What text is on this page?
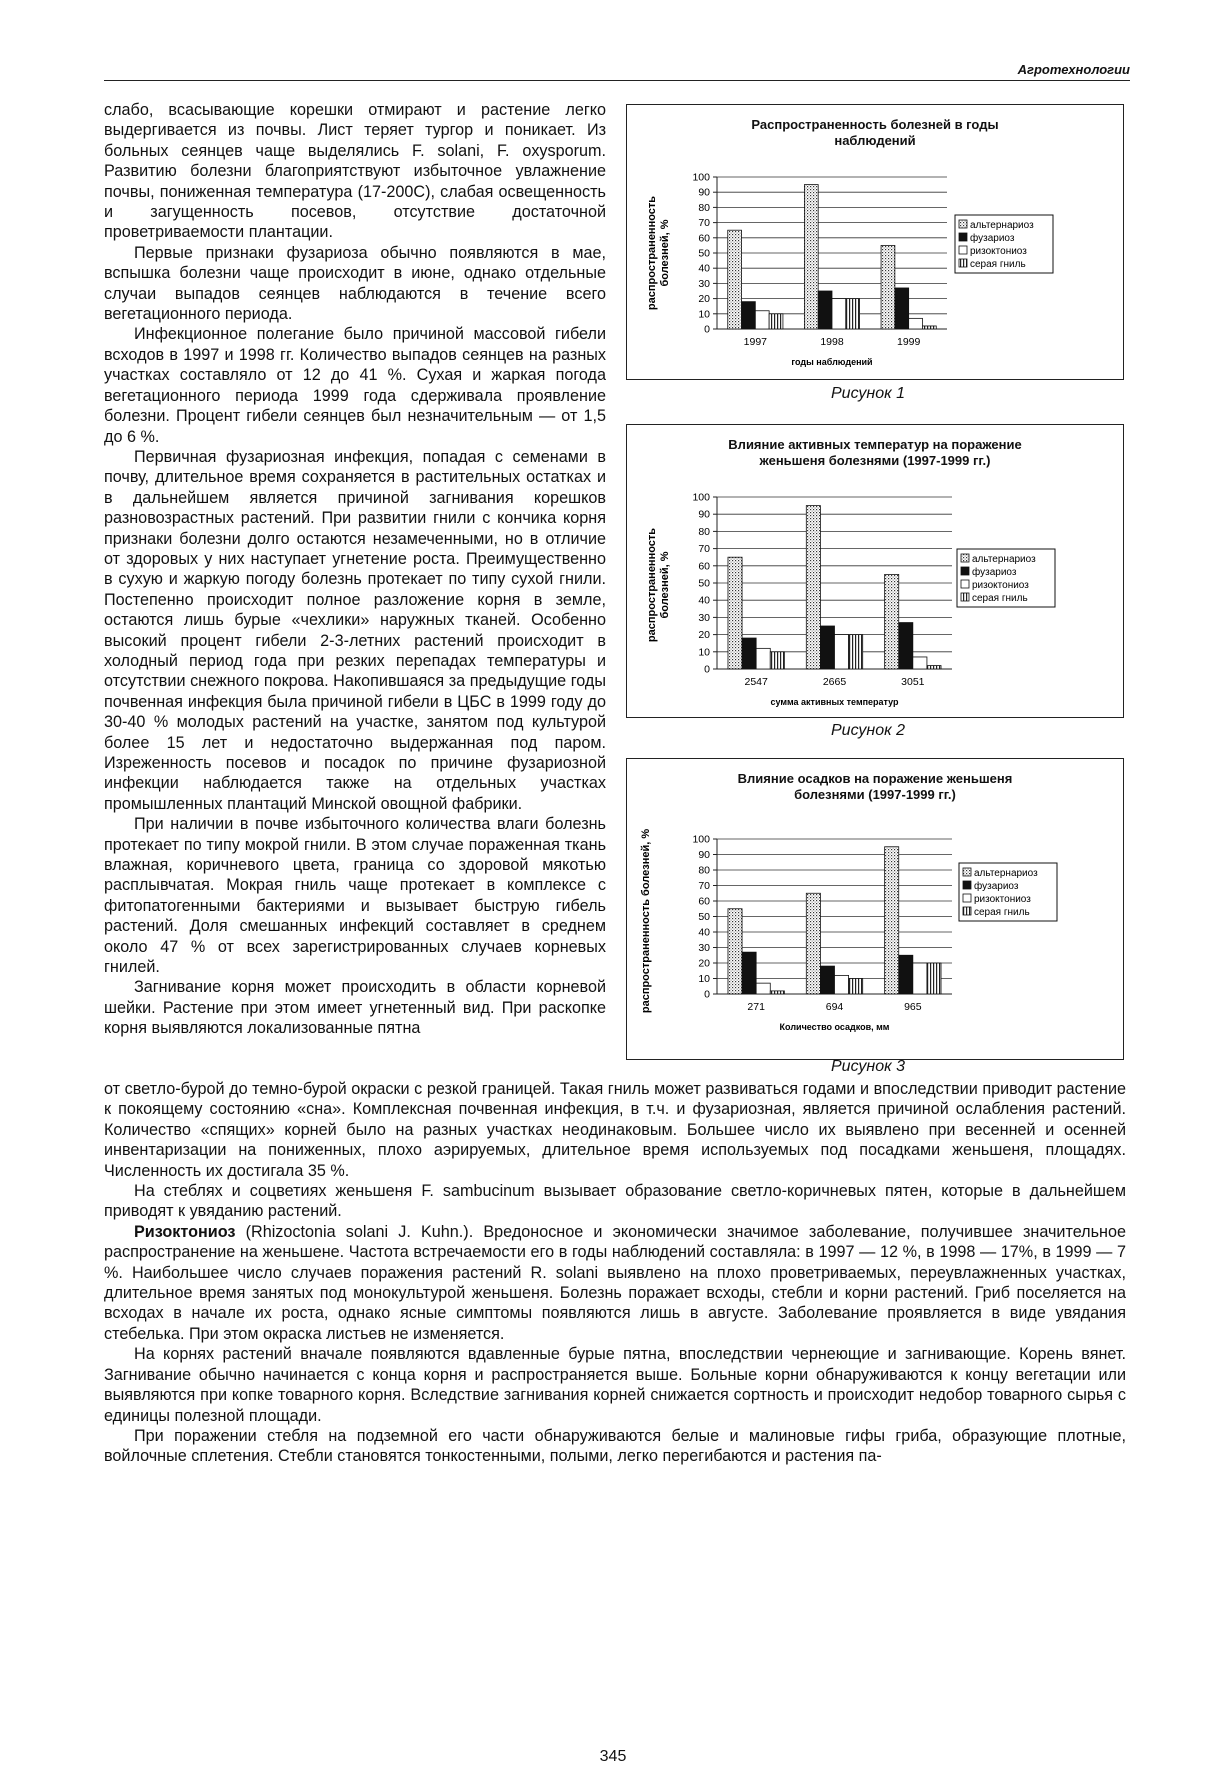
Агротехнологии

слабо, всасывающие корешки отмирают и растение легко выдергивается из почвы. Лист теряет тургор и поникает. Из больных сеянцев чаще выделялись F. solani, F. oxysporum. Развитию болезни благоприятствуют избыточное увлажнение почвы, пониженная температура (17-200С), слабая освещенность и загущенность посевов, отсутствие достаточной проветриваемости плантации.

Первые признаки фузариоза обычно появляются в мае, вспышка болезни чаще происходит в июне, однако отдельные случаи выпадов сеянцев наблюдаются в течение всего вегетационного периода.

Инфекционное полегание было причиной массовой гибели всходов в 1997 и 1998 гг. Количество выпадов сеянцев на разных участках составляло от 12 до 41 %. Сухая и жаркая погода вегетационного периода 1999 года сдерживала проявление болезни. Процент гибели сеянцев был незначительным — от 1,5 до 6 %.

Первичная фузариозная инфекция, попадая с семенами в почву, длительное время сохраняется в растительных остатках и в дальнейшем является причиной загнивания корешков разновозрастных растений. При развитии гнили с кончика корня признаки болезни долго остаются незамеченными, но в отличие от здоровых у них наступает угнетение роста. Преимущественно в сухую и жаркую погоду болезнь протекает по типу сухой гнили. Постепенно происходит полное разложение корня в земле, остаются лишь бурые «чехлики» наружных тканей. Особенно высокий процент гибели 2-3-летних растений происходит в холодный период года при резких перепадах температуры и отсутствии снежного покрова. Накопившаяся за предыдущие годы почвенная инфекция была причиной гибели в ЦБС в 1999 году до 30-40 % молодых растений на участке, занятом под культурой более 15 лет и недостаточно выдержанная под паром. Изреженность посевов и посадок по причине фузариозной инфекции наблюдается также на отдельных участках промышленных плантаций Минской овощной фабрики.

При наличии в почве избыточного количества влаги болезнь протекает по типу мокрой гнили. В этом случае пораженная ткань влажная, коричневого цвета, граница со здоровой мякотью расплывчатая. Мокрая гниль чаще протекает в комплексе с фитопатогенными бактериями и вызывает быструю гибель растений. Доля смешанных инфекций составляет в среднем около 47 % от всех зарегистрированных случаев корневых гнилей.

Загнивание корня может происходить в области корневой шейки. Растение при этом имеет угнетенный вид. При раскопке корня выявляются локализованные пятна

Распространенность болезней в годы
наблюдений
0
10
20
30
40
50
60
70
80
90
100
1997	1998	1999
годы наблюдений
распространенностьболезней, %	альтернариоз
фузариоз
ризоктониоз
серая гниль
Рисунок 1
Влияние активных температур на поражение
женьшеня болезнями (1997-1999 гг.)
0
10
20
30
40
50
60
70
80
90
100
2547	2665	3051
сумма активных температур
распространенностьболезней, %	альтернариоз
фузариоз
ризоктониоз
серая гниль
Рисунок 2
Влияние осадков на поражение женьшеня
болезнями (1997-1999 гг.)
0
10
20
30
40
50
60
70
80
90
100
271	694	965
Количество осадков, мм
распространенность болезней, %	альтернариоз
фузариоз
ризоктониоз
серая гниль
Рисунок 3

от светло-бурой до темно-бурой окраски с резкой границей. Такая гниль может развиваться годами и впоследствии приводит растение к покоящему состоянию «сна». Комплексная почвенная инфекция, в т.ч. и фузариозная, является причиной ослабления растений. Количество «спящих» корней было на разных участках неодинаковым. Большее число их выявлено при весенней и осенней инвентаризации на пониженных, плохо аэрируемых, длительное время используемых под посадками женьшеня, площадях. Численность их достигала 35 %.

На стеблях и соцветиях женьшеня F. sambucinum вызывает образование светло-коричневых пятен, которые в дальнейшем приводят к увяданию растений.

Ризоктониоз (Rhizoctonia solani J. Kuhn.). Вредоносное и экономически значимое заболевание, получившее значительное распространение на женьшене. Частота встречаемости его в годы наблюдений составляла: в 1997 — 12 %, в 1998 — 17%, в 1999 — 7 %. Наибольшее число случаев поражения растений R. solani выявлено на плохо проветриваемых, переувлажненных участках, длительное время занятых под монокультурой женьшеня. Болезнь поражает всходы, стебли и корни растений. Гриб поселяется на всходах в начале их роста, однако ясные симптомы появляются лишь в августе. Заболевание проявляется в виде увядания стебелька. При этом окраска листьев не изменяется.

На корнях растений вначале появляются вдавленные бурые пятна, впоследствии чернеющие и загнивающие. Корень вянет. Загнивание обычно начинается с конца корня и распространяется выше. Больные корни обнаруживаются к концу вегетации или выявляются при копке товарного корня. Вследствие загнивания корней снижается сортность и происходит недобор товарного сырья с единицы полезной площади.

При поражении стебля на подземной его части обнаруживаются белые и малиновые гифы гриба, образующие плотные, войлочные сплетения. Стебли становятся тонкостенными, полыми, легко перегибаются и растения па-

345
